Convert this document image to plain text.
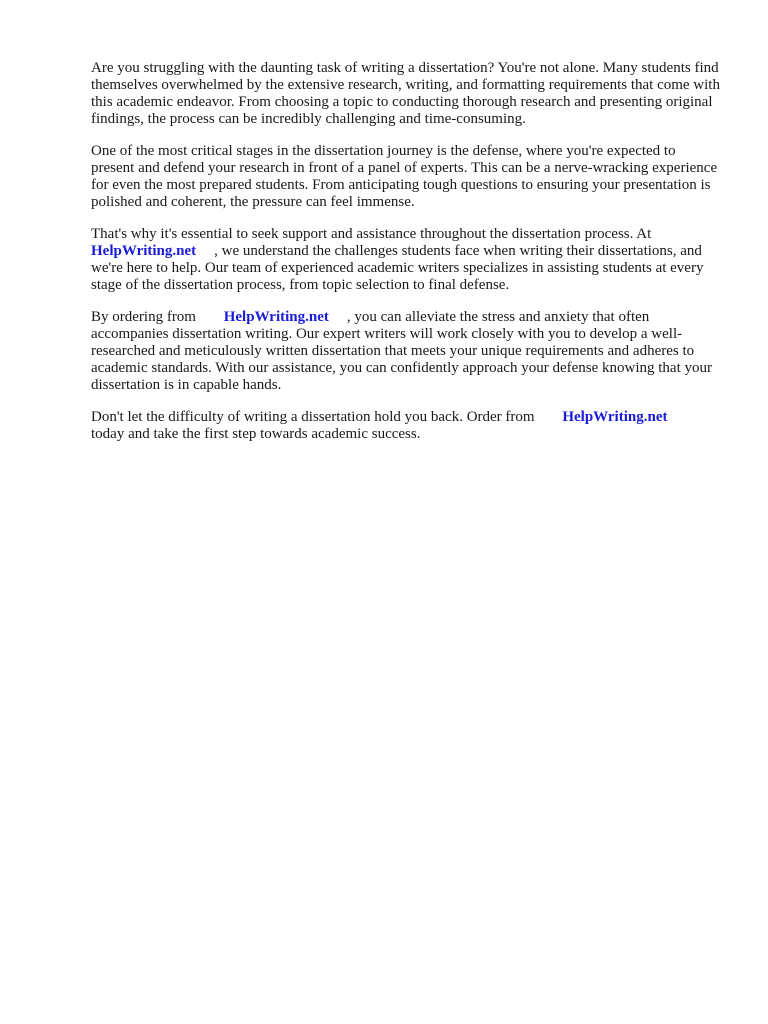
Are you struggling with the daunting task of writing a dissertation? You're not alone. Many students find themselves overwhelmed by the extensive research, writing, and formatting requirements that come with this academic endeavor. From choosing a topic to conducting thorough research and presenting original findings, the process can be incredibly challenging and time-consuming.

One of the most critical stages in the dissertation journey is the defense, where you're expected to present and defend your research in front of a panel of experts. This can be a nerve-wracking experience for even the most prepared students. From anticipating tough questions to ensuring your presentation is polished and coherent, the pressure can feel immense.

That's why it's essential to seek support and assistance throughout the dissertation process. At
HelpWriting.net , we understand the challenges students face when writing their dissertations, and we're here to help. Our team of experienced academic writers specializes in assisting students at every stage of the dissertation process, from topic selection to final defense.

By ordering from HelpWriting.net , you can alleviate the stress and anxiety that often accompanies dissertation writing. Our expert writers will work closely with you to develop a well-researched and meticulously written dissertation that meets your unique requirements and adheres to academic standards. With our assistance, you can confidently approach your defense knowing that your dissertation is in capable hands.

Don't let the difficulty of writing a dissertation hold you back. Order from HelpWriting.net
today and take the first step towards academic success.
